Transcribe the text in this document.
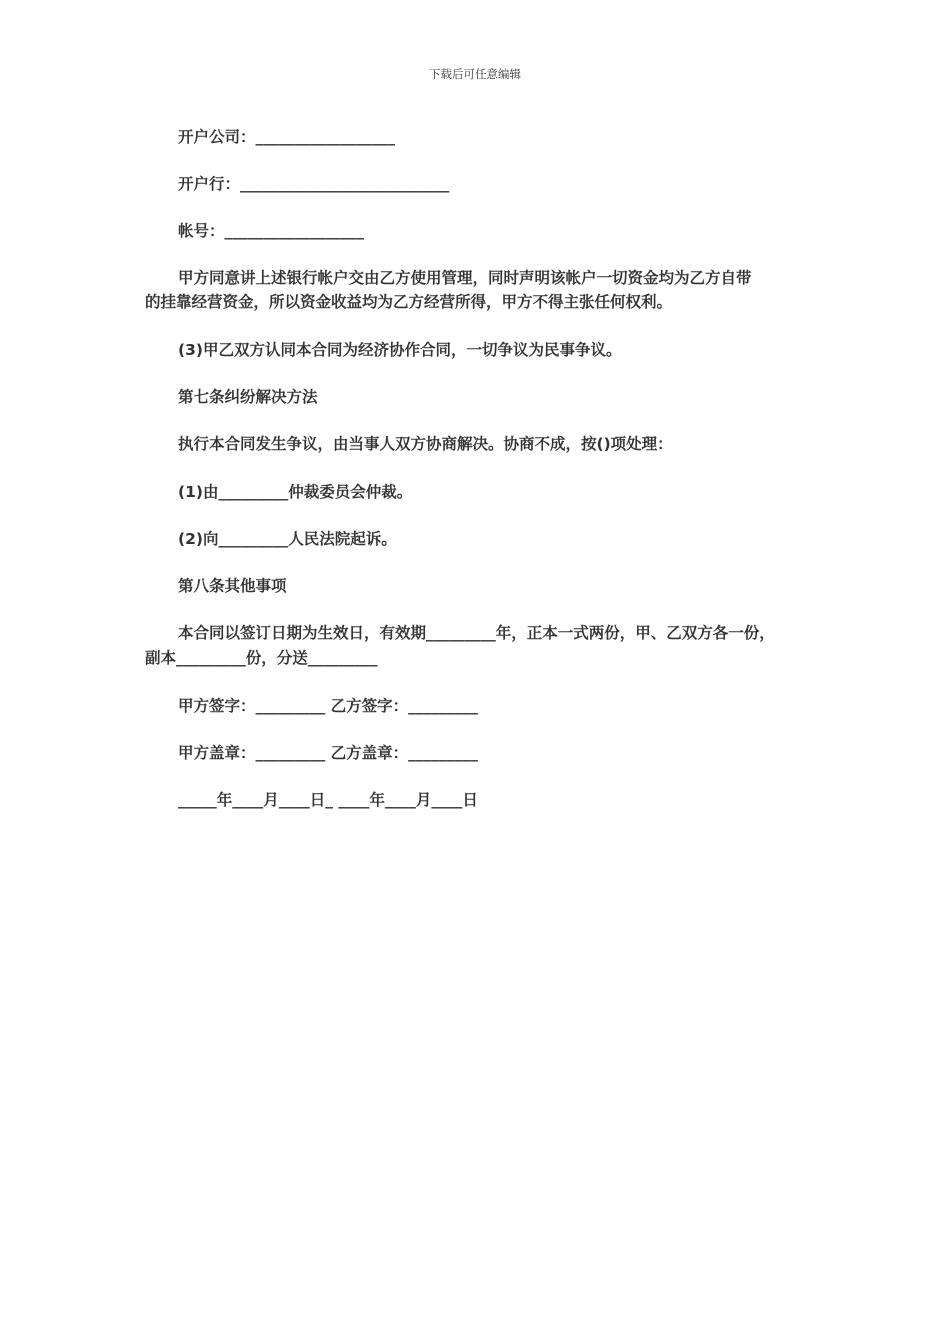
下载后可任意编辑
开户公司：__________________
开户行：___________________________
帐号：__________________
甲方同意讲上述银行帐户交由乙方使用管理，同时声明该帐户一切资金均为乙方自带
的挂靠经营资金，所以资金收益均为乙方经营所得，甲方不得主张任何权利。
(3)甲乙双方认同本合同为经济协作合同，一切争议为民事争议。
第七条纠纷解决方法
执行本合同发生争议，由当事人双方协商解决。协商不成，按()项处理：
(1)由_________仲裁委员会仲裁。
(2)向_________人民法院起诉。
第八条其他事项
本合同以签订日期为生效日，有效期_________年，正本一式两份，甲、乙双方各一份，
副本_________份，分送_________
甲方签字：_________ 乙方签字：_________
甲方盖章：_________ 乙方盖章：_________
_____年____月____日_ ____年____月____日
